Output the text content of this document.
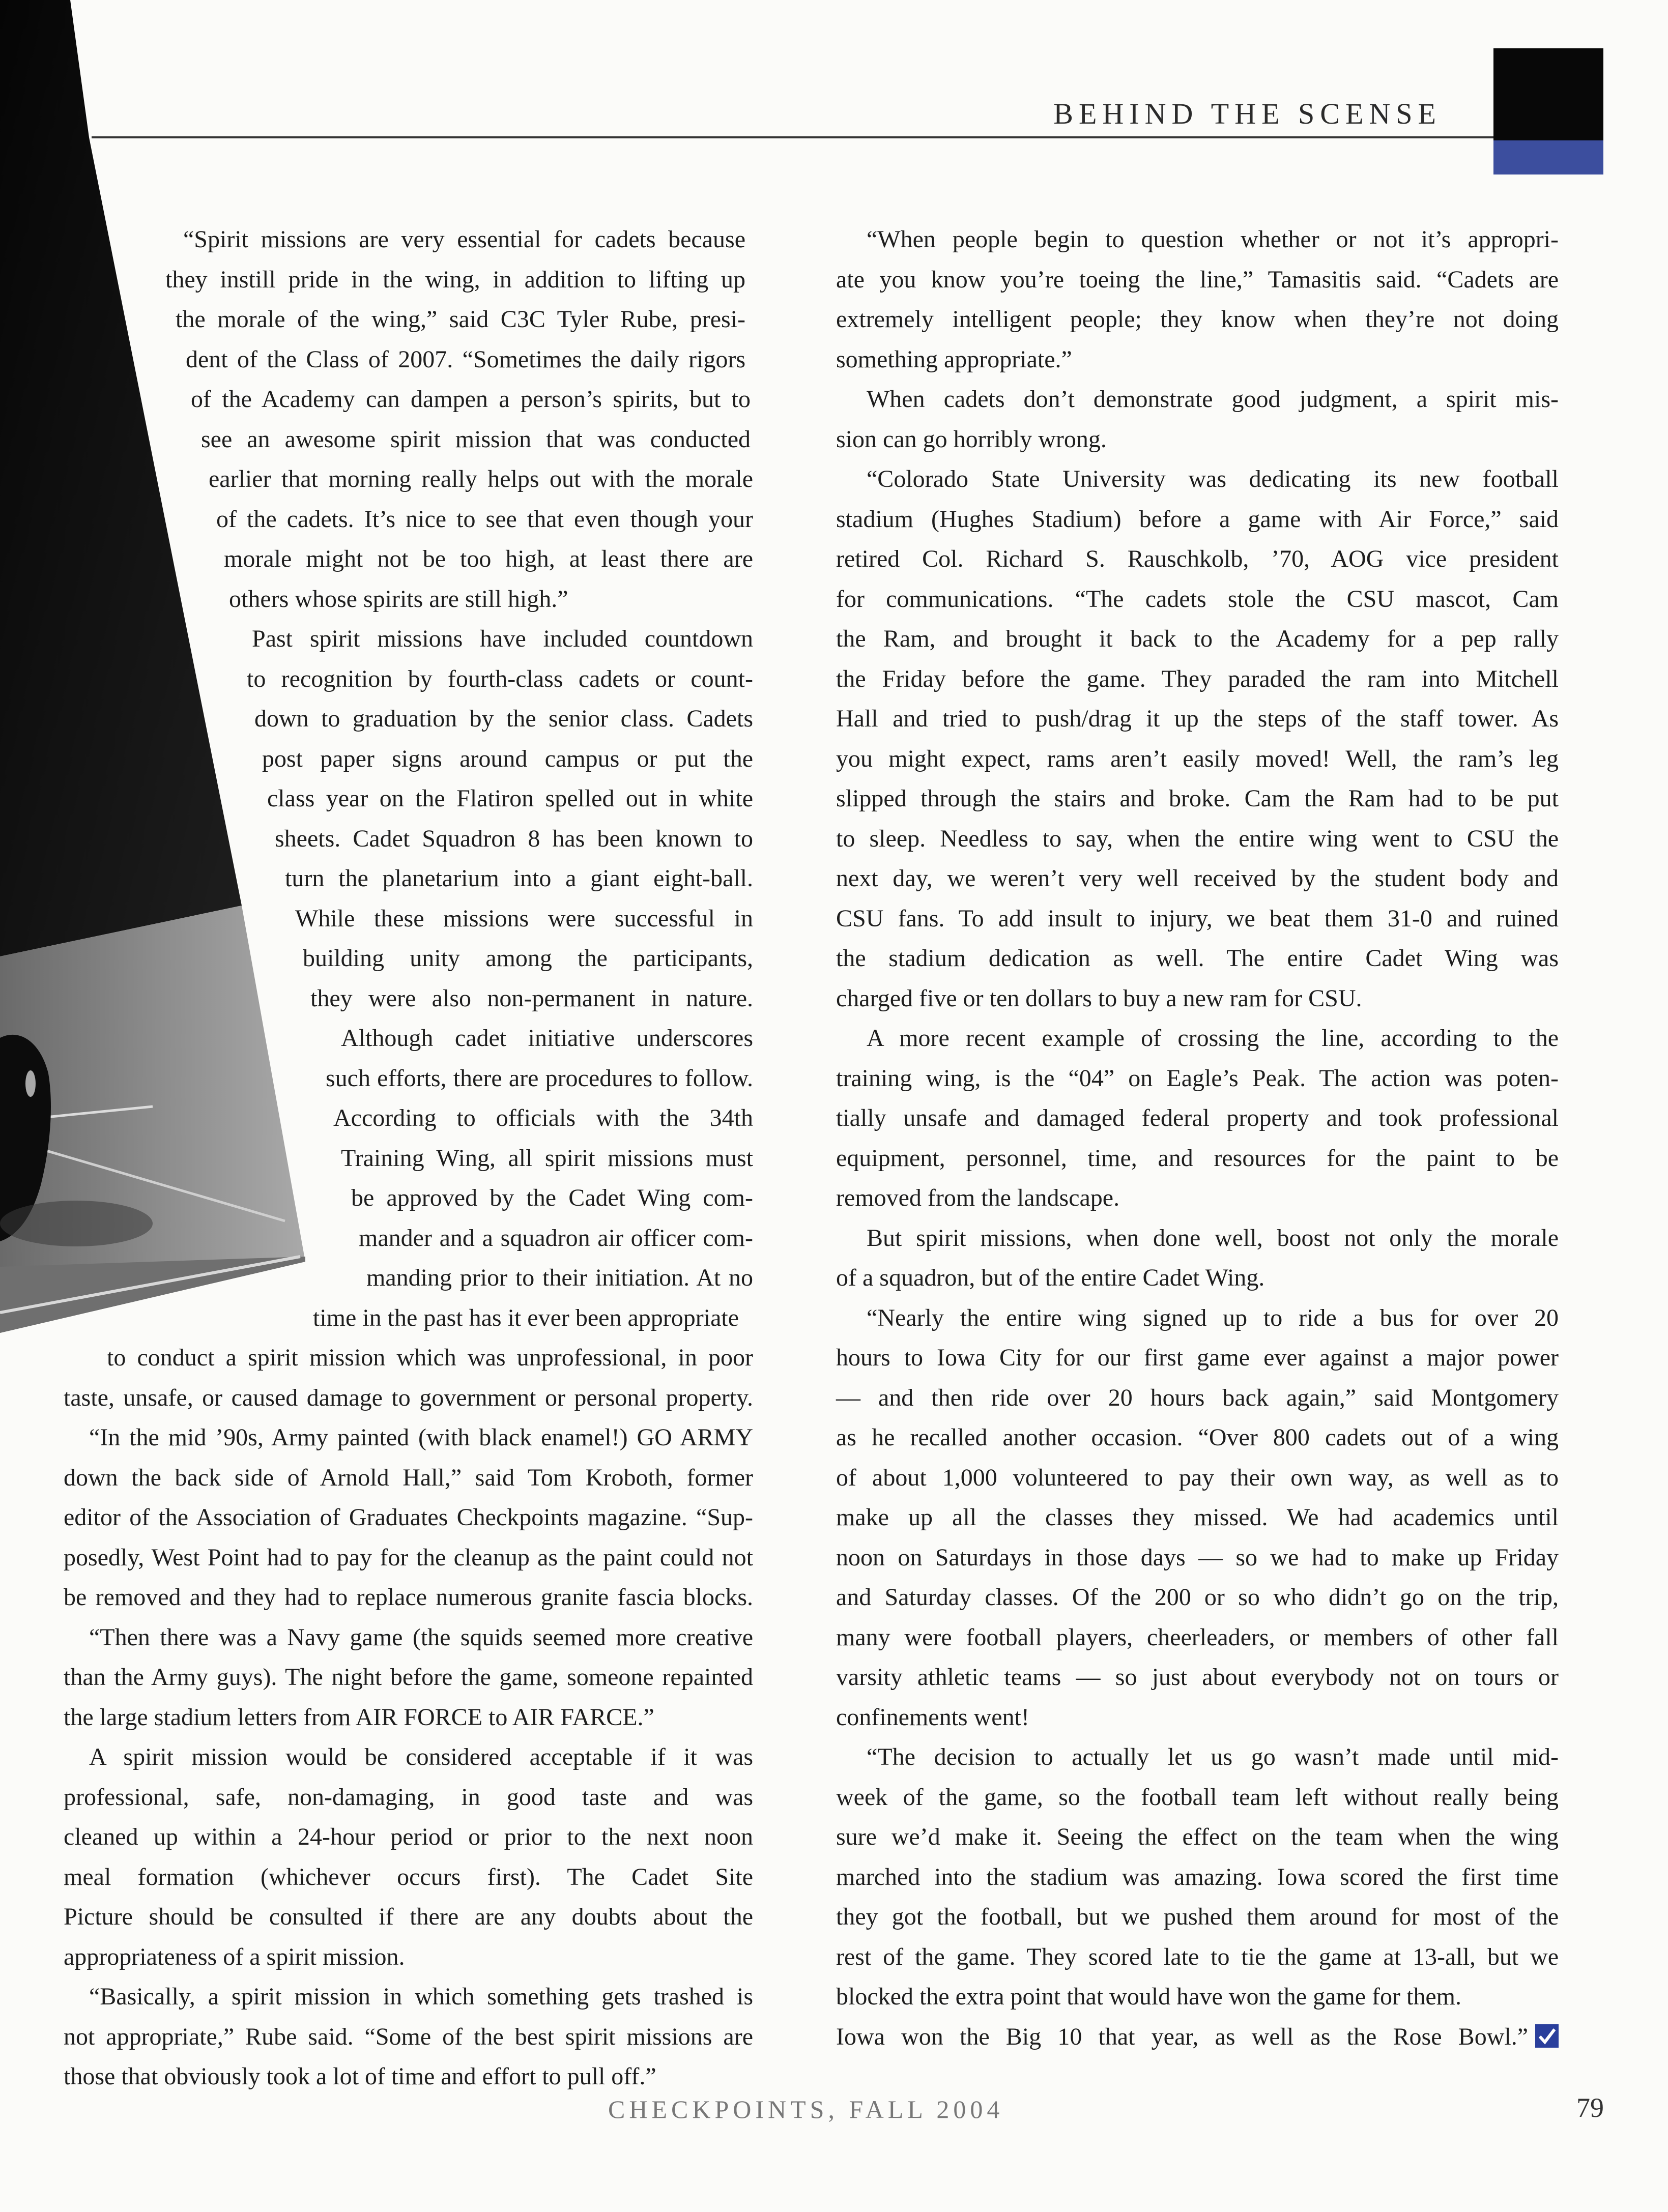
BEHIND THE SCENSE
“Spirit missions are very essential for cadets because
they instill pride in the wing, in addition to lifting up
the morale of the wing,” said C3C Tyler Rube, presi-
dent of the Class of 2007. “Sometimes the daily rigors
of the Academy can dampen a person’s spirits, but to
see an awesome spirit mission that was conducted
earlier that morning really helps out with the morale
of the cadets. It’s nice to see that even though your
morale might not be too high, at least there are
others whose spirits are still high.”
Past spirit missions have included countdown
to recognition by fourth-class cadets or count-
down to graduation by the senior class. Cadets
post paper signs around campus or put the
class year on the Flatiron spelled out in white
sheets. Cadet Squadron 8 has been known to
turn the planetarium into a giant eight-ball.
While these missions were successful in
building unity among the participants,
they were also non-permanent in nature.
Although cadet initiative underscores
such efforts, there are procedures to follow.
According to officials with the 34th
Training Wing, all spirit missions must
be approved by the Cadet Wing com-
mander and a squadron air officer com-
manding prior to their initiation. At no
time in the past has it ever been appropriate
to conduct a spirit mission which was unprofessional, in poor
taste, unsafe, or caused damage to government or personal property.
“In the mid ’90s, Army painted (with black enamel!) GO ARMY
down the back side of Arnold Hall,” said Tom Kroboth, former
editor of the Association of Graduates Checkpoints magazine. “Sup-
posedly, West Point had to pay for the cleanup as the paint could not
be removed and they had to replace numerous granite fascia blocks.
“Then there was a Navy game (the squids seemed more creative
than the Army guys). The night before the game, someone repainted
the large stadium letters from AIR FORCE to AIR FARCE.”
A spirit mission would be considered acceptable if it was
professional, safe, non-damaging, in good taste and was
cleaned up within a 24-hour period or prior to the next noon
meal formation (whichever occurs first). The Cadet Site
Picture should be consulted if there are any doubts about the
appropriateness of a spirit mission.
“Basically, a spirit mission in which something gets trashed is
not appropriate,” Rube said. “Some of the best spirit missions are
those that obviously took a lot of time and effort to pull off.”
“When people begin to question whether or not it’s appropri-
ate you know you’re toeing the line,” Tamasitis said. “Cadets are
extremely intelligent people; they know when they’re not doing
something appropriate.”
When cadets don’t demonstrate good judgment, a spirit mis-
sion can go horribly wrong.
“Colorado State University was dedicating its new football
stadium (Hughes Stadium) before a game with Air Force,” said
retired Col. Richard S. Rauschkolb, ’70, AOG vice president
for communications. “The cadets stole the CSU mascot, Cam
the Ram, and brought it back to the Academy for a pep rally
the Friday before the game. They paraded the ram into Mitchell
Hall and tried to push/drag it up the steps of the staff tower. As
you might expect, rams aren’t easily moved! Well, the ram’s leg
slipped through the stairs and broke. Cam the Ram had to be put
to sleep. Needless to say, when the entire wing went to CSU the
next day, we weren’t very well received by the student body and
CSU fans. To add insult to injury, we beat them 31-0 and ruined
the stadium dedication as well. The entire Cadet Wing was
charged five or ten dollars to buy a new ram for CSU.
A more recent example of crossing the line, according to the
training wing, is the “04” on Eagle’s Peak. The action was poten-
tially unsafe and damaged federal property and took professional
equipment, personnel, time, and resources for the paint to be
removed from the landscape.
But spirit missions, when done well, boost not only the morale
of a squadron, but of the entire Cadet Wing.
“Nearly the entire wing signed up to ride a bus for over 20
hours to Iowa City for our first game ever against a major power
— and then ride over 20 hours back again,” said Montgomery
as he recalled another occasion. “Over 800 cadets out of a wing
of about 1,000 volunteered to pay their own way, as well as to
make up all the classes they missed. We had academics until
noon on Saturdays in those days — so we had to make up Friday
and Saturday classes. Of the 200 or so who didn’t go on the trip,
many were football players, cheerleaders, or members of other fall
varsity athletic teams — so just about everybody not on tours or
confinements went!
“The decision to actually let us go wasn’t made until mid-
week of the game, so the football team left without really being
sure we’d make it. Seeing the effect on the team when the wing
marched into the stadium was amazing. Iowa scored the first time
they got the football, but we pushed them around for most of the
rest of the game. They scored late to tie the game at 13-all, but we
blocked the extra point that would have won the game for them.
Iowa won the Big 10 that year, as well as the Rose Bowl.”
CHECKPOINTS, FALL 2004	79
